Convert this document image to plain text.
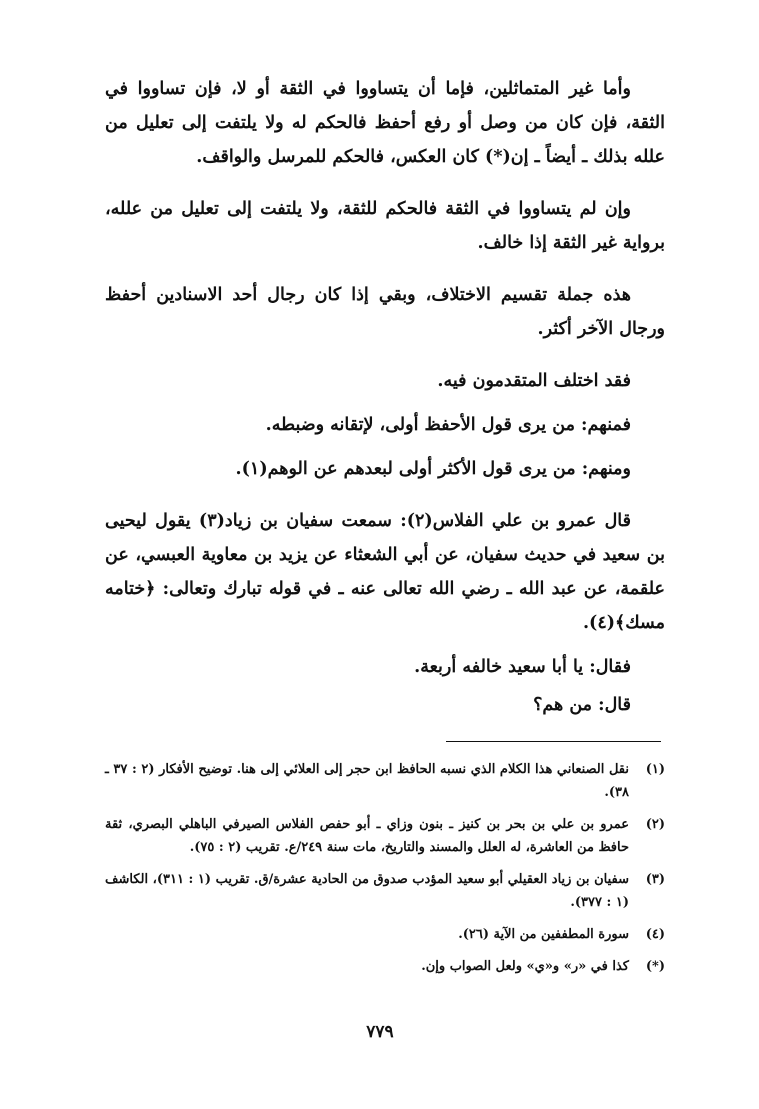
وأما غير المتماثلين، فإما أن يتساووا في الثقة أو لا، فإن تساووا في الثقة، فإن كان من وصل أو رفع أحفظ فالحكم له ولا يلتفت إلى تعليل من علله بذلك ـ أيضاً ـ إن(*) كان العكس، فالحكم للمرسل والواقف.

وإن لم يتساووا في الثقة فالحكم للثقة، ولا يلتفت إلى تعليل من علله، برواية غير الثقة إذا خالف.

هذه جملة تقسيم الاختلاف، وبقي إذا كان رجال أحد الاسنادين أحفظ ورجال الآخر أكثر.

فقد اختلف المتقدمون فيه.

فمنهم: من يرى قول الأحفظ أولى، لإتقانه وضبطه.

ومنهم: من يرى قول الأكثر أولى لبعدهم عن الوهم(١).

قال عمرو بن علي الفلاس(٢): سمعت سفيان بن زياد(٣) يقول ليحيى بن سعيد في حديث سفيان، عن أبي الشعثاء عن يزيد بن معاوية العبسي، عن علقمة، عن عبد الله ـ رضي الله تعالى عنه ـ في قوله تبارك وتعالى: ﴿ختامه مسك﴾(٤).

فقال: يا أبا سعيد خالفه أربعة.

قال: من هم؟

(١)
نقل الصنعاني هذا الكلام الذي نسبه الحافظ ابن حجر إلى العلائي إلى هنا. توضيح الأفكار (٢ : ٣٧ ـ ٣٨).
(٢)
عمرو بن علي بن بحر بن كنيز ـ بنون وزاي ـ أبو حفص الفلاس الصيرفي الباهلي البصري، ثقة حافظ من العاشرة، له العلل والمسند والتاريخ، مات سنة ٢٤٩/ع. تقريب (٢ : ٧٥).
(٣)
سفيان بن زياد العقيلي أبو سعيد المؤدب صدوق من الحادية عشرة/ق. تقريب (١ : ٣١١)، الكاشف (١ : ٣٧٧).
(٤)
سورة المطففين من الآية (٢٦).
(*)
كذا في «ر» و«ي» ولعل الصواب وإن.
٧٧٩
